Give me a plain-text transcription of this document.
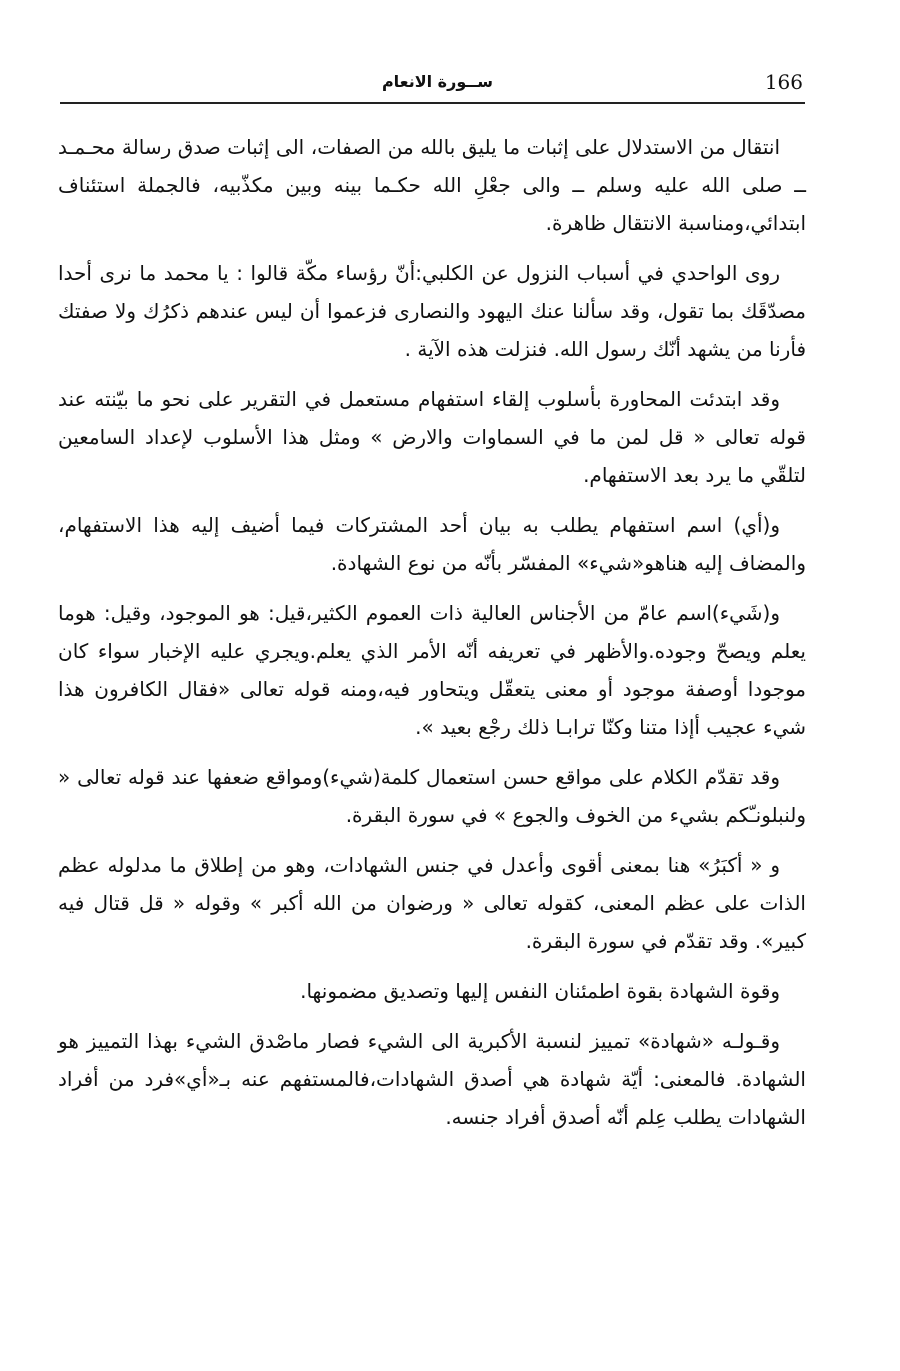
166
ســورة الانعام

انتقال من الاستدلال على إثبات ما يليق بالله من الصفات، الى إثبات صدق رسالة محـمـد ــ صلى الله عليه وسلم ــ والى جعْلِ الله حكـما بينه وبين مكذّبيه، فالجملة استئناف ابتدائي،ومناسبة الانتقال ظاهرة.

روى الواحدي في أسباب النزول عن الكلبي:أنّ رؤساء مكّة قالوا : يا محمد ما نرى أحدا مصدّقَك بما تقول، وقد سألنا عنك اليهود والنصارى فزعموا أن ليس عندهم ذكرُك ولا صفتك فأرنا من يشهد أنّك رسول الله. فنزلت هذه الآية .

وقد ابتدئت المحاورة بأسلوب إلقاء استفهام مستعمل في التقرير على نحو ما بيّنته عند قوله تعالى « قل لمن ما في السماوات والارض » ومثل هذا الأسلوب لإعداد السامعين لتلقّي ما يرد بعد الاستفهام.

و(أي) اسم استفهام يطلب به بيان أحد المشتركات فيما أضيف إليه هذا الاستفهام، والمضاف إليه هناهو«شيء» المفسّر بأنّه من نوع الشهادة.

و(شَيء)اسم عامّ من الأجناس العالية ذات العموم الكثير،قيل: هو الموجود، وقيل: هوما يعلم ويصحّ وجوده.والأظهر في تعريفه أنّه الأمر الذي يعلم.ويجري عليه الإخبار سواء كان موجودا أوصفة موجود أو معنى يتعقّل ويتحاور فيه،ومنه قوله تعالى «فقال الكافرون هذا شيء عجيب أإذا متنا وكنّا ترابـا ذلك رجْع بعيد ».

وقد تقدّم الكلام على مواقع حسن استعمال كلمة(شيء)ومواقع ضعفها عند قوله تعالى « ولنبلونـّكم بشيء من الخوف والجوع » في سورة البقرة.

و « أكبَرُ» هنا بمعنى أقوى وأعدل في جنس الشهادات، وهو من إطلاق ما مدلوله عظم الذات على عظم المعنى، كقوله تعالى « ورضوان من الله أكبر » وقوله « قل قتال فيه كبير». وقد تقدّم في سورة البقرة.

وقوة الشهادة بقوة اطمئنان النفس إليها وتصديق مضمونها.

وقـولـه «شهادة» تمييز لنسبة الأكبرية الى الشيء فصار ماصْدق الشيء بهذا التمييز هو الشهادة. فالمعنى: أيّة شهادة هي أصدق الشهادات،فالمستفهم عنه بـ«أي»فرد من أفراد الشهادات يطلب عِلم أنّه أصدق أفراد جنسه.
